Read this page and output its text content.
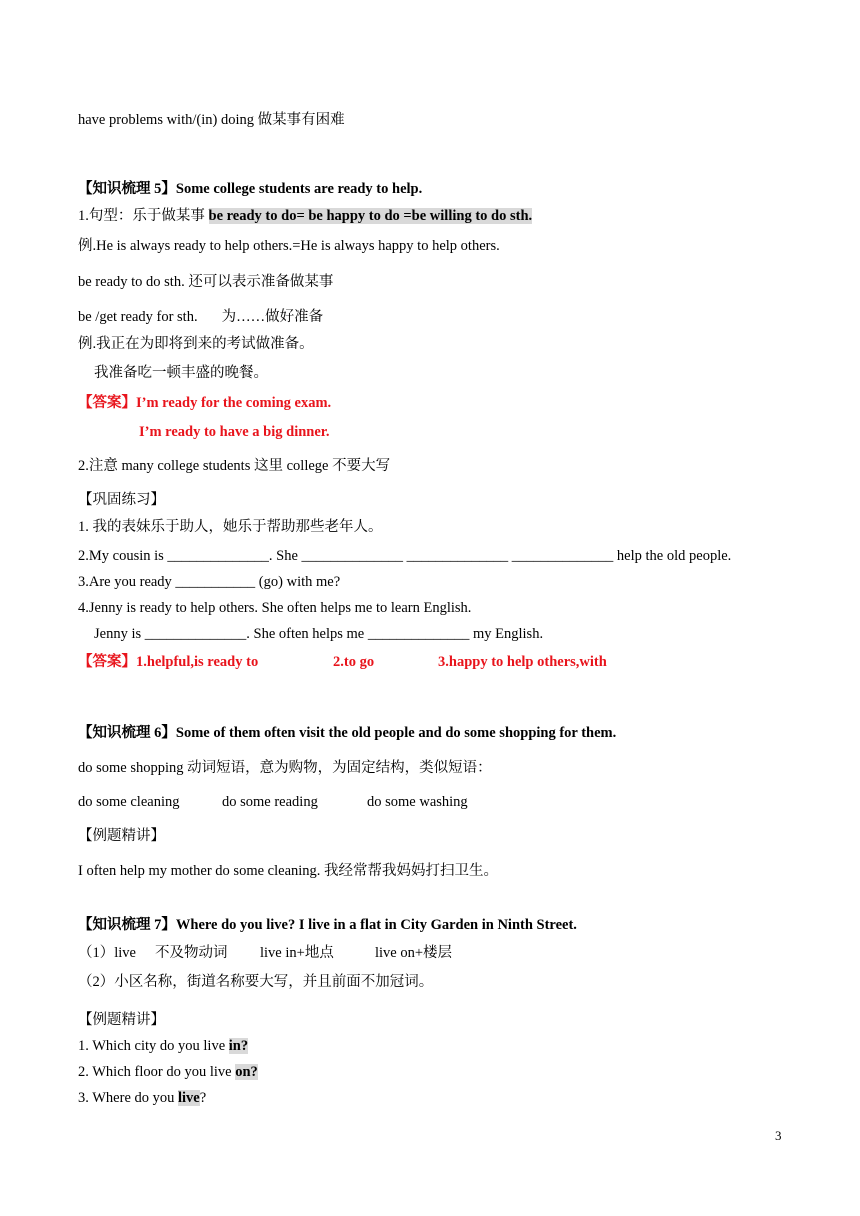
have problems with/(in) doing 做某事有困难
【知识梳理 5】Some college students are ready to help.
1.句型：乐于做某事 be ready to do= be happy to do =be willing to do sth.
例.He is always ready to help others.=He is always happy to help others.
be ready to do sth. 还可以表示准备做某事
be /get ready for sth. 为……做好准备
例.我正在为即将到来的考试做准备。
我准备吃一顿丰盛的晚餐。
【答案】I’m ready for the coming exam.
I’m ready to have a big dinner.
2.注意 many college students 这里 college 不要大写
【巩固练习】
1. 我的表妹乐于助人，她乐于帮助那些老年人。
2.My cousin is ______________. She ______________ ______________ ______________ help the old people.
3.Are you ready ___________ (go) with me?
4.Jenny is ready to help others. She often helps me to learn English.
Jenny is ______________. She often helps me ______________ my English.
【答案】1.helpful,is ready to	2.to go	3.happy to help others,with
【知识梳理 6】Some of them often visit the old people and do some shopping for them.
do some shopping 动词短语，意为购物，为固定结构，类似短语：
do some cleaning	do some reading	do some washing
【例题精讲】
I often help my mother do some cleaning. 我经常帮我妈妈打扫卫生。
【知识梳理 7】Where do you live? I live in a flat in City Garden in Ninth Street.
（1）live 不及物动词 live in+地点	live on+楼层
（2）小区名称，街道名称要大写，并且前面不加冠词。
【例题精讲】
1. Which city do you live in?
2. Which floor do you live on?
3. Where do you live?
3
